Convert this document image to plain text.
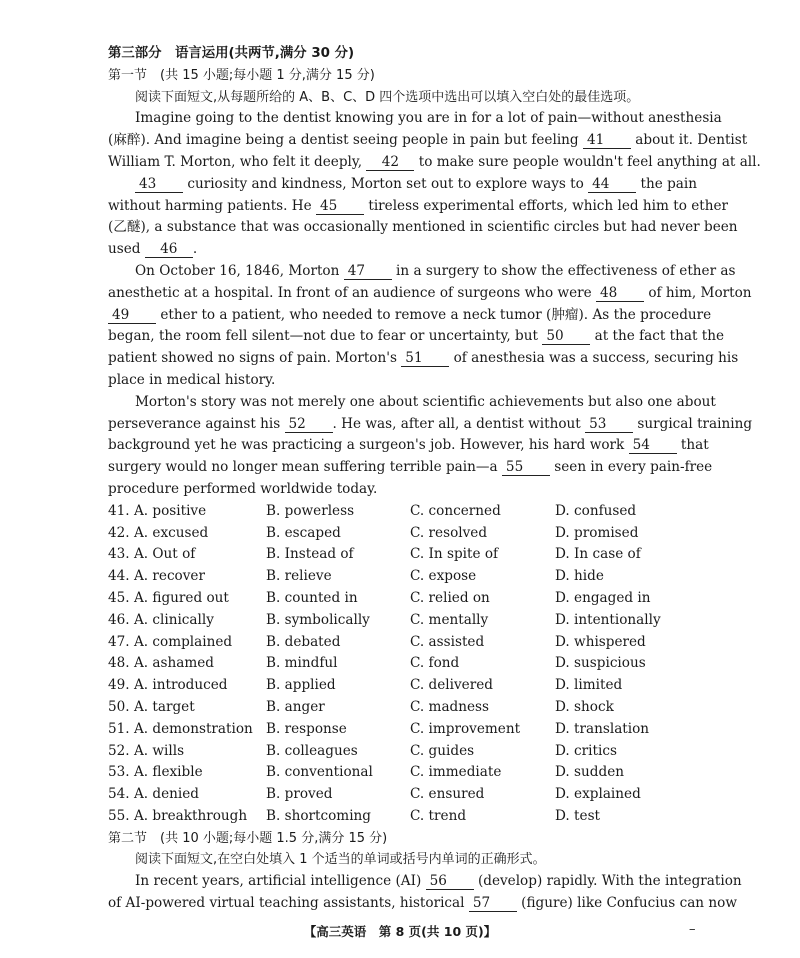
第三部分　语言运用(共两节,满分 30 分)
第一节　(共 15 小题;每小题 1 分,满分 15 分)
阅读下面短文,从每题所给的 A、B、C、D 四个选项中选出可以填入空白处的最佳选项。
Imagine going to the dentist knowing you are in for a lot of pain—without anesthesia
(麻醉). And imagine being a dentist seeing people in pain but feeling 41 about it. Dentist
William T. Morton, who felt it deeply, 42 to make sure people wouldn't feel anything at all.
43 curiosity and kindness, Morton set out to explore ways to 44 the pain
without harming patients. He 45 tireless experimental efforts, which led him to ether
(乙醚), a substance that was occasionally mentioned in scientific circles but had never been
used 46 .
On October 16, 1846, Morton 47 in a surgery to show the effectiveness of ether as
anesthetic at a hospital. In front of an audience of surgeons who were 48 of him, Morton
49 ether to a patient, who needed to remove a neck tumor (肿瘤). As the procedure
began, the room fell silent—not due to fear or uncertainty, but 50 at the fact that the
patient showed no signs of pain. Morton's 51 of anesthesia was a success, securing his
place in medical history.
Morton's story was not merely one about scientific achievements but also one about
perseverance against his 52 . He was, after all, a dentist without 53 surgical training
background yet he was practicing a surgeon's job. However, his hard work 54 that
surgery would no longer mean suffering terrible pain—a 55 seen in every pain-free
procedure performed worldwide today.
41. A. positive	B. powerless	C. concerned	D. confused
42. A. excused	B. escaped	C. resolved	D. promised
43. A. Out of	B. Instead of	C. In spite of	D. In case of
44. A. recover	B. relieve	C. expose	D. hide
45. A. figured out	B. counted in	C. relied on	D. engaged in
46. A. clinically	B. symbolically	C. mentally	D. intentionally
47. A. complained	B. debated	C. assisted	D. whispered
48. A. ashamed	B. mindful	C. fond	D. suspicious
49. A. introduced	B. applied	C. delivered	D. limited
50. A. target	B. anger	C. madness	D. shock
51. A. demonstration B. response	C. improvement	D. translation
52. A. wills	B. colleagues	C. guides	D. critics
53. A. flexible	B. conventional	C. immediate	D. sudden
54. A. denied	B. proved	C. ensured	D. explained
55. A. breakthrough	B. shortcoming	C. trend	D. test
第二节　(共 10 小题;每小题 1.5 分,满分 15 分)
阅读下面短文,在空白处填入 1 个适当的单词或括号内单词的正确形式。
In recent years, artificial intelligence (AI) 56 (develop) rapidly. With the integration
of AI-powered virtual teaching assistants, historical 57 (figure) like Confucius can now
【高三英语　第 8 页(共 10 页)】	–
